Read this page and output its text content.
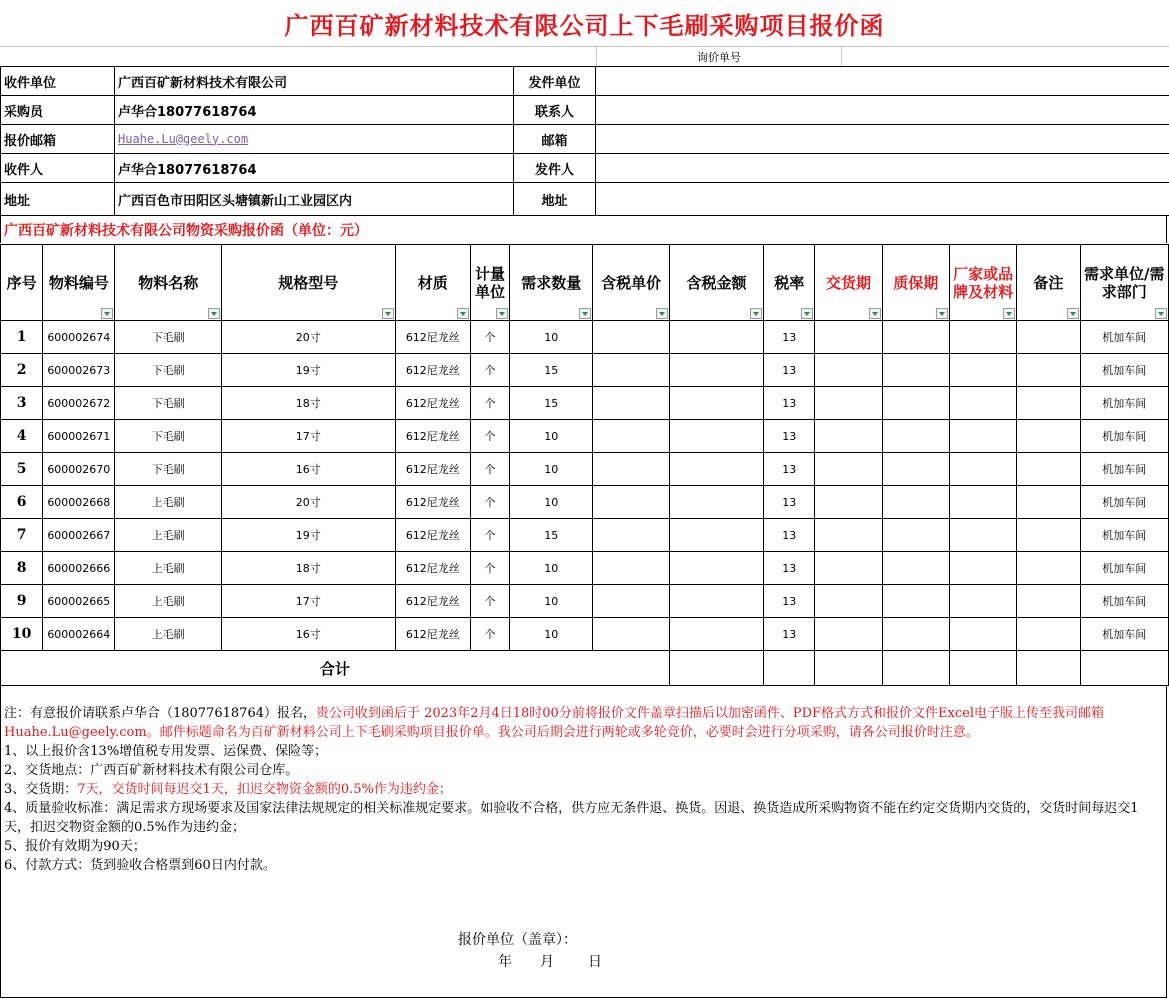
广西百矿新材料技术有限公司上下毛刷采购项目报价函
询价单号
收件单位	广西百矿新材料技术有限公司	发件单位	
采购员	卢华合18077618764	联系人	
报价邮箱	Huahe.Lu@geely.com	邮箱	
收件人	卢华合18077618764	发件人	
地址	广西百色市田阳区头塘镇新山工业园区内	地址	
广西百矿新材料技术有限公司物资采购报价函（单位：元）
序号	物料编号	物料名称	规格型号	材质	计量单位	需求数量	含税单价	含税金额	税率	交货期	质保期	厂家或品牌及材料	备注	需求单位/需求部门

1	600002674	下毛刷	20寸	612尼龙丝	个	10			13					机加车间
2	600002673	下毛刷	19寸	612尼龙丝	个	15			13					机加车间
3	600002672	下毛刷	18寸	612尼龙丝	个	15			13					机加车间
4	600002671	下毛刷	17寸	612尼龙丝	个	10			13					机加车间
5	600002670	下毛刷	16寸	612尼龙丝	个	10			13					机加车间
6	600002668	上毛刷	20寸	612尼龙丝	个	10			13					机加车间
7	600002667	上毛刷	19寸	612尼龙丝	个	15			13					机加车间
8	600002666	上毛刷	18寸	612尼龙丝	个	10			13					机加车间
9	600002665	上毛刷	17寸	612尼龙丝	个	10			13					机加车间
10	600002664	上毛刷	16寸	612尼龙丝	个	10			13					机加车间
合计														

注：有意报价请联系卢华合（18077618764）报名，贵公司收到函后于 2023年2月4日18时00分前将报价文件盖章扫描后以加密函件、PDF格式方式和报价文件Excel电子版上传至我司邮箱Huahe.Lu@geely.com。邮件标题命名为百矿新材料公司上下毛刷采购项目报价单。我公司后期会进行两轮或多轮竞价，必要时会进行分项采购，请各公司报价时注意。

1、以上报价含13%增值税专用发票、运保费、保险等；

2、交货地点：广西百矿新材料技术有限公司仓库。

3、交货期：7天，交货时间每迟交1天，扣迟交物资金额的0.5%作为违约金；

4、质量验收标准：满足需求方现场要求及国家法律法规规定的相关标准规定要求。如验收不合格，供方应无条件退、换货。因退、换货造成所采购物资不能在约定交货期内交货的，交货时间每迟交1天，扣迟交物资金额的0.5%作为违约金；

5、报价有效期为90天；

6、付款方式：货到验收合格票到60日内付款。

报价单位（盖章）：
年 月 日
